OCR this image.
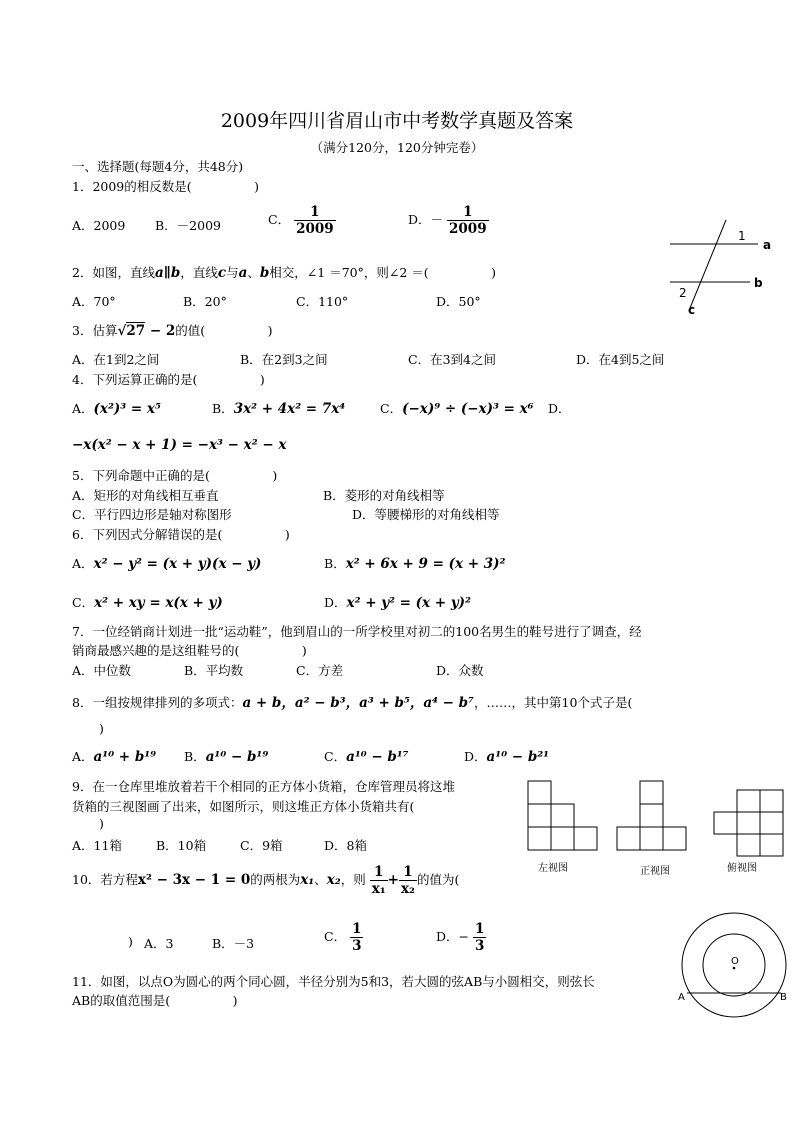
2009年四川省眉山市中考数学真题及答案
（满分120分，120分钟完卷）
一、选择题(每题4分，共48分)
1．2009的相反数是(　　　　　)
A．2009 B．－2009	C． $\frac{1}{2009}$	D．－ $\frac{1}{2009}$	1
2
a
b
c
2．如图，直线a∥b，直线c与a、b相交，∠1 ＝70°，则∠2 ＝(　　　　　)
A．70°	B．20°	C．110°	D．50°
3．估算√27 − 2的值(　　　　　)
A．在1到2之间	B．在2到3之间	C．在3到4之间	D．在4到5之间
4．下列运算正确的是(　　　　　)
A．(x²)³ = x⁵	B．3x² + 4x² = 7x⁴	C．(−x)⁹ ÷ (−x)³ = x⁶ D．
−x(x² − x + 1) = −x³ − x² − x
5．下列命题中正确的是(　　　　　)
A．矩形的对角线相互垂直	B．菱形的对角线相等
C．平行四边形是轴对称图形	D．等腰梯形的对角线相等
6．下列因式分解错误的是(　　　　　)
A．x² − y² = (x + y)(x − y)	B．x² + 6x + 9 = (x + 3)²
C．x² + xy = x(x + y)	D．x² + y² = (x + y)²
7．一位经销商计划进一批“运动鞋”，他到眉山的一所学校里对初二的100名男生的鞋号进行了调查，经
销商最感兴趣的是这组鞋号的(　　　　　)
A．中位数	B．平均数	C．方差	D．众数
8．一组按规律排列的多项式：a + b，a² − b³，a³ + b⁵，a⁴ − b⁷，……，其中第10个式子是(
)
A．a¹⁰ + b¹⁹ B．a¹⁰ − b¹⁹	C．a¹⁰ − b¹⁷	D．a¹⁰ − b²¹
9．在一仓库里堆放着若干个相同的正方体小货箱，仓库管理员将这堆
货箱的三视图画了出来，如图所示，则这堆正方体小货箱共有(
)
A．11箱	B．10箱	C．9箱	D．8箱
左视图	正视图	俯视图
10．若方程x² − 3x − 1 = 0的两根为x₁、x₂，则 $\frac{1}{\text{x₁}} + \frac{1}{\text{x₂}}$ 的值为(
) A．3	B．－3	C． $\frac{1}{3}$	D．− $\frac{1}{3}$
O
A	B
11．如图，以点O为圆心的两个同心圆，半径分别为5和3，若大圆的弦AB与小圆相交，则弦长
AB的取值范围是(　　　　　)
